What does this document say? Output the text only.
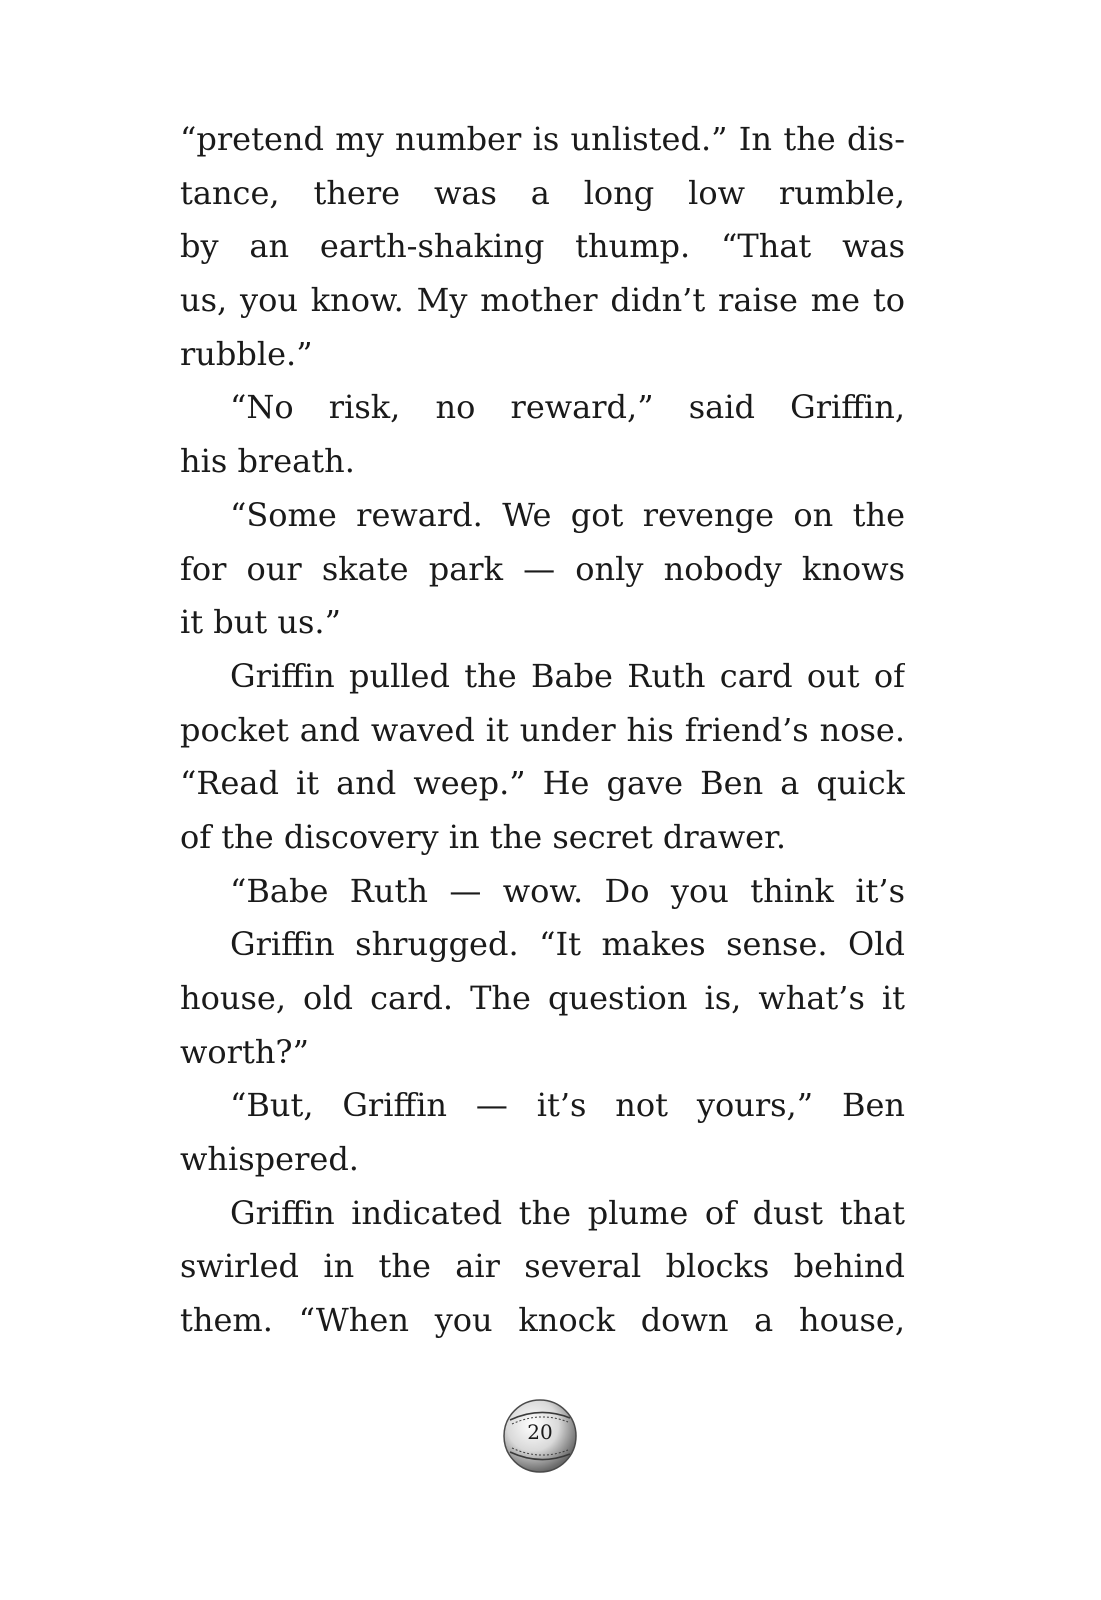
“pretend my number is unlisted.” In the dis-
tance, there was a long low rumble,
by an earth-shaking thump. “That was
us, you know. My mother didn’t raise me to
rubble.”
“No risk, no reward,” said Griffin,
his breath.
“Some reward. We got revenge on the
for our skate park — only nobody knows
it but us.”
Griffin pulled the Babe Ruth card out of
pocket and waved it under his friend’s nose.
“Read it and weep.” He gave Ben a quick
of the discovery in the secret drawer.
“Babe Ruth — wow. Do you think it’s
Griffin shrugged. “It makes sense. Old
house, old card. The question is, what’s it
worth?”
“But, Griffin — it’s not yours,” Ben
whispered.
Griffin indicated the plume of dust that
swirled in the air several blocks behind
them. “When you knock down a house,
20
